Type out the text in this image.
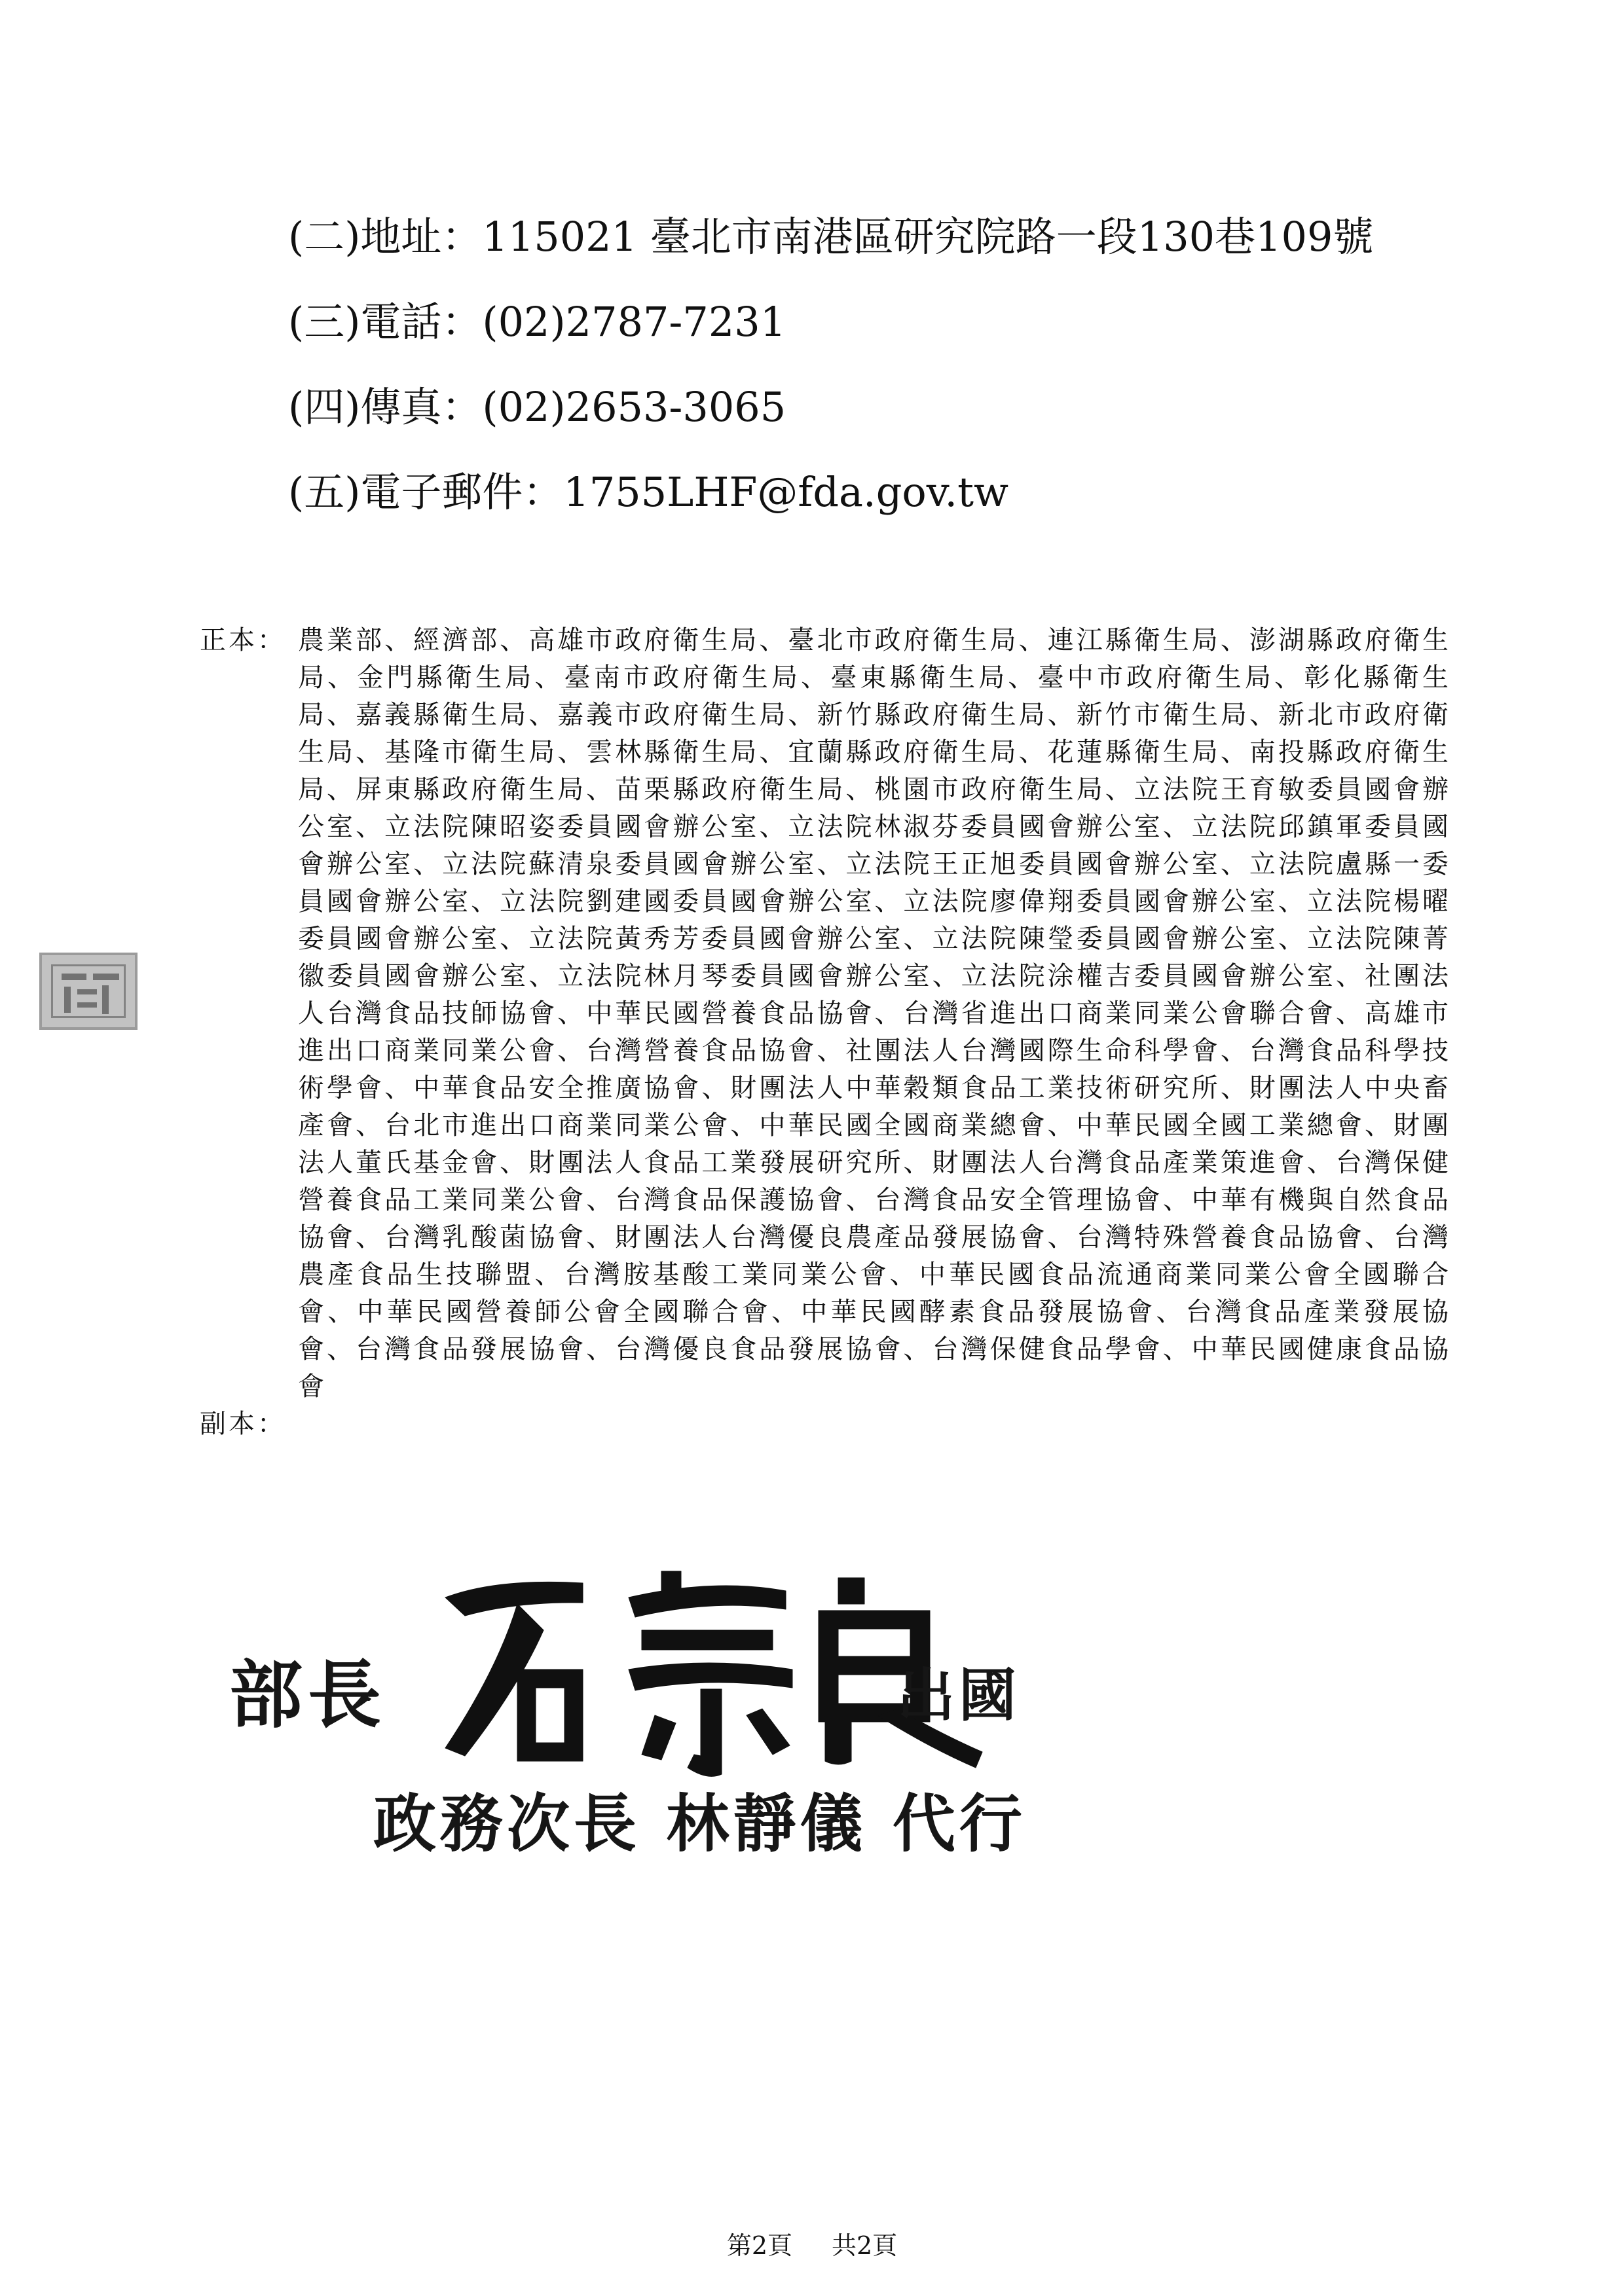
(二)地址：115021 臺北市南港區研究院路一段130巷109號
(三)電話：(02)2787-7231
(四)傳真：(02)2653-3065
(五)電子郵件：1755LHF@fda.gov.tw
正本： 農業部、經濟部、高雄市政府衛生局、臺北市政府衛生局、連江縣衛生局、澎湖縣政府衛生局、金門縣衛生局、臺南市政府衛生局、臺東縣衛生局、臺中市政府衛生局、彰化縣衛生局、嘉義縣衛生局、嘉義市政府衛生局、新竹縣政府衛生局、新竹市衛生局、新北市政府衛生局、基隆市衛生局、雲林縣衛生局、宜蘭縣政府衛生局、花蓮縣衛生局、南投縣政府衛生局、屏東縣政府衛生局、苗栗縣政府衛生局、桃園市政府衛生局、立法院王育敏委員國會辦公室、立法院陳昭姿委員國會辦公室、立法院林淑芬委員國會辦公室、立法院邱鎮軍委員國會辦公室、立法院蘇清泉委員國會辦公室、立法院王正旭委員國會辦公室、立法院盧縣一委員國會辦公室、立法院劉建國委員國會辦公室、立法院廖偉翔委員國會辦公室、立法院楊曜委員國會辦公室、立法院黃秀芳委員國會辦公室、立法院陳瑩委員國會辦公室、立法院陳菁徽委員國會辦公室、立法院林月琴委員國會辦公室、立法院涂權吉委員國會辦公室、社團法人台灣食品技師協會、中華民國營養食品協會、台灣省進出口商業同業公會聯合會、高雄市進出口商業同業公會、台灣營養食品協會、社團法人台灣國際生命科學會、台灣食品科學技術學會、中華食品安全推廣協會、財團法人中華穀類食品工業技術研究所、財團法人中央畜產會、台北市進出口商業同業公會、中華民國全國商業總會、中華民國全國工業總會、財團法人董氏基金會、財團法人食品工業發展研究所、財團法人台灣食品產業策進會、台灣保健營養食品工業同業公會、台灣食品保護協會、台灣食品安全管理協會、中華有機與自然食品協會、台灣乳酸菌協會、財團法人台灣優良農產品發展協會、台灣特殊營養食品協會、台灣農產食品生技聯盟、台灣胺基酸工業同業公會、中華民國食品流通商業同業公會全國聯合會、中華民國營養師公會全國聯合會、中華民國酵素食品發展協會、台灣食品產業發展協會、台灣食品發展協會、台灣優良食品發展協會、台灣保健食品學會、中華民國健康食品協會
副本：
部長	出國
政務次長 林靜儀 代行
第2頁 共2頁
